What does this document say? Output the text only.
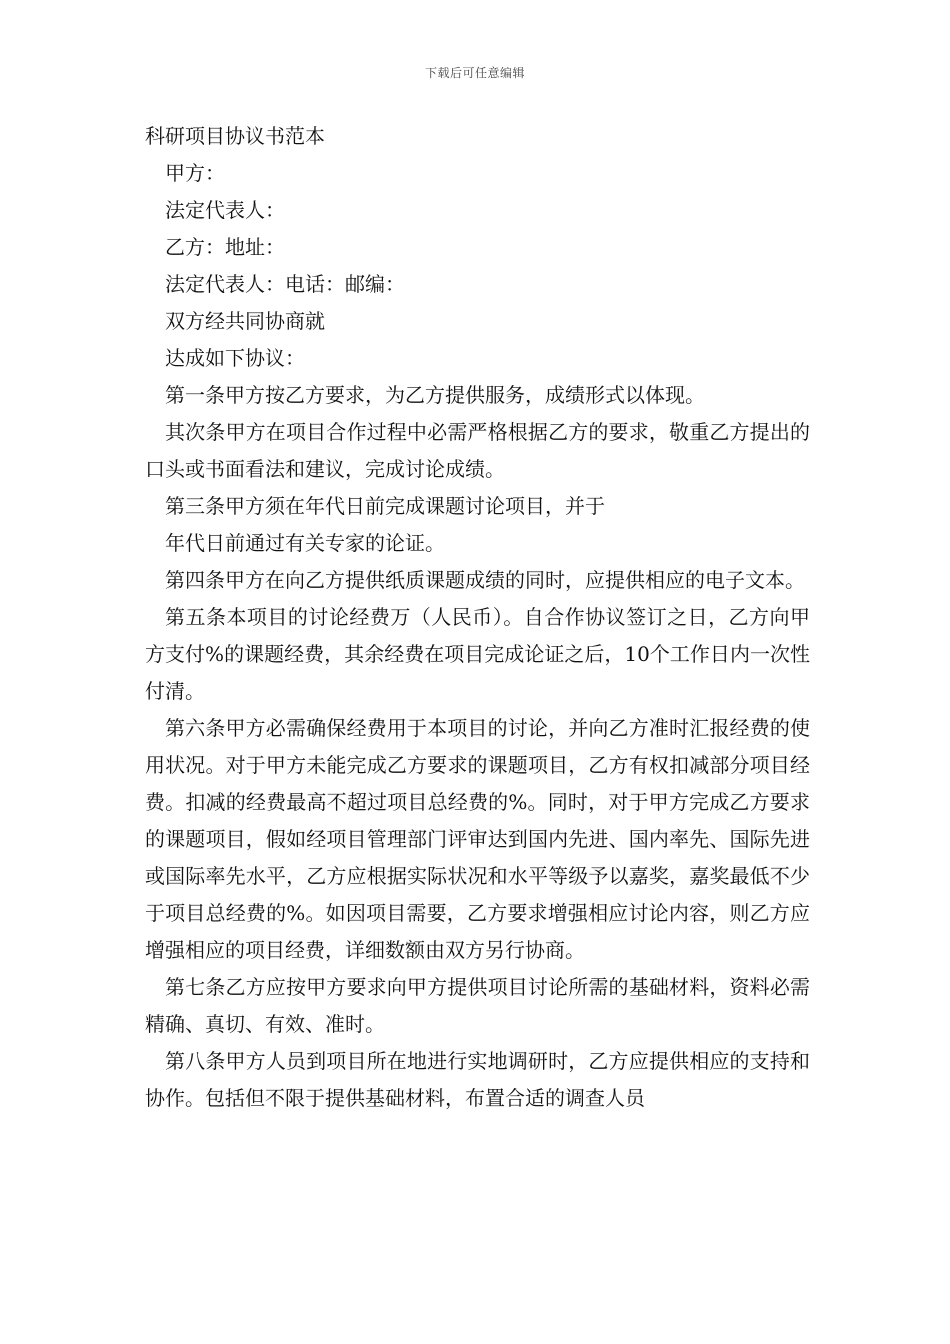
下载后可任意编辑

科研项目协议书范本

甲方：

法定代表人：

乙方：地址：

法定代表人：电话：邮编：

双方经共同协商就

达成如下协议：

第一条甲方按乙方要求，为乙方提供服务，成绩形式以体现。

其次条甲方在项目合作过程中必需严格根据乙方的要求，敬重乙方提出的口头或书面看法和建议，完成讨论成绩。

第三条甲方须在年代日前完成课题讨论项目，并于

年代日前通过有关专家的论证。

第四条甲方在向乙方提供纸质课题成绩的同时，应提供相应的电子文本。

第五条本项目的讨论经费万（人民币）。自合作协议签订之日，乙方向甲方支付%的课题经费，其余经费在项目完成论证之后，10个工作日内一次性付清。

第六条甲方必需确保经费用于本项目的讨论，并向乙方准时汇报经费的使用状况。对于甲方未能完成乙方要求的课题项目，乙方有权扣减部分项目经费。扣减的经费最高不超过项目总经费的%。同时，对于甲方完成乙方要求的课题项目，假如经项目管理部门评审达到国内先进、国内率先、国际先进或国际率先水平，乙方应根据实际状况和水平等级予以嘉奖，嘉奖最低不少于项目总经费的%。如因项目需要，乙方要求增强相应讨论内容，则乙方应增强相应的项目经费，详细数额由双方另行协商。

第七条乙方应按甲方要求向甲方提供项目讨论所需的基础材料，资料必需精确、真切、有效、准时。

第八条甲方人员到项目所在地进行实地调研时，乙方应提供相应的支持和协作。包括但不限于提供基础材料，布置合适的调查人员
